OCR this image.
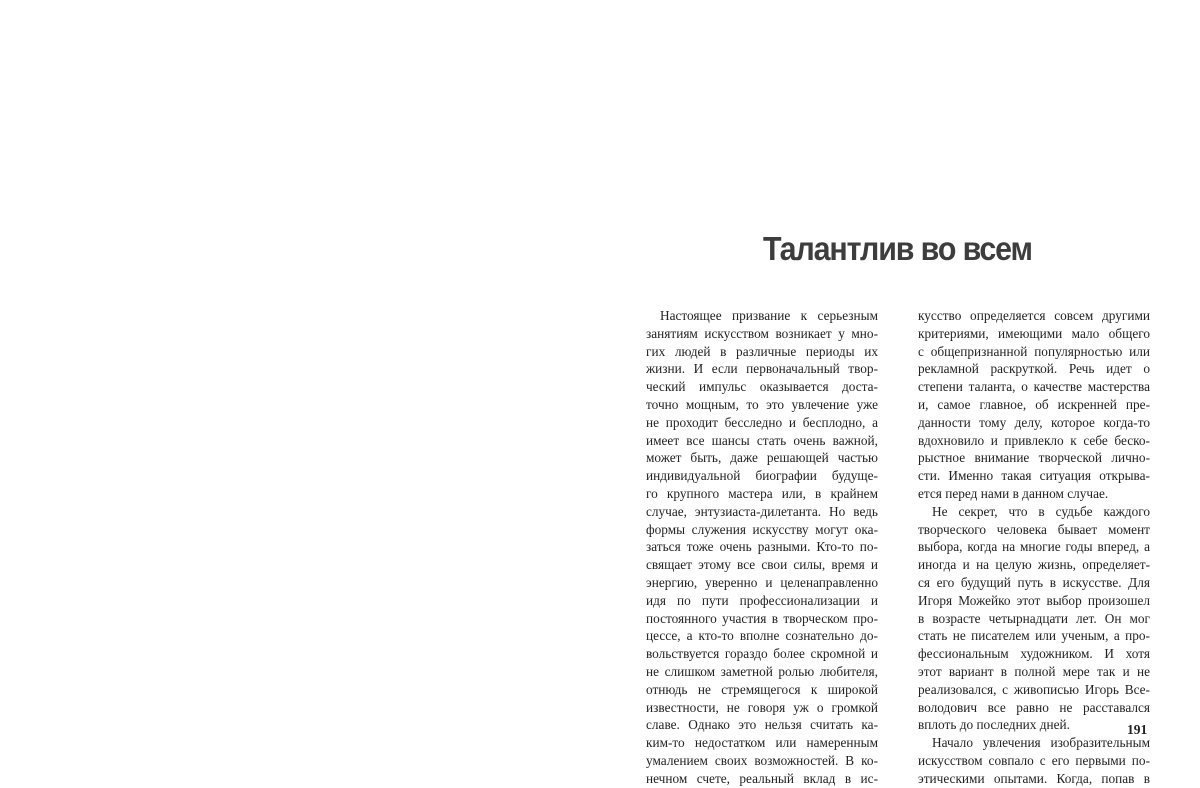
Талантлив во всем
Настоящее призвание к серьезным
занятиям искусством возникает у мно-
гих людей в различные периоды их
жизни. И если первоначальный твор-
ческий импульс оказывается доста-
точно мощным, то это увлечение уже
не проходит бесследно и бесплодно, а
имеет все шансы стать очень важной,
может быть, даже решающей частью
индивидуальной биографии будуще-
го крупного мастера или, в крайнем
случае, энтузиаста-дилетанта. Но ведь
формы служения искусству могут ока-
заться тоже очень разными. Кто-то по-
свящает этому все свои силы, время и
энергию, уверенно и целенаправленно
идя по пути профессионализации и
постоянного участия в творческом про-
цессе, а кто-то вполне сознательно до-
вольствуется гораздо более скромной и
не слишком заметной ролью любителя,
отнюдь не стремящегося к широкой
известности, не говоря уж о громкой
славе. Однако это нельзя считать ка-
ким-то недостатком или намеренным
умалением своих возможностей. В ко-
нечном счете, реальный вклад в ис-
кусство определяется совсем другими
критериями, имеющими мало общего
с общепризнанной популярностью или
рекламной раскруткой. Речь идет о
степени таланта, о качестве мастерства
и, самое главное, об искренней пре-
данности тому делу, которое когда-то
вдохновило и привлекло к себе беско-
рыстное внимание творческой лично-
сти. Именно такая ситуация открыва-
ется перед нами в данном случае.
Не секрет, что в судьбе каждого
творческого человека бывает момент
выбора, когда на многие годы вперед, а
иногда и на целую жизнь, определяет-
ся его будущий путь в искусстве. Для
Игоря Можейко этот выбор произошел
в возрасте четырнадцати лет. Он мог
стать не писателем или ученым, а про-
фессиональным художником. И хотя
этот вариант в полной мере так и не
реализовался, с живописью Игорь Все-
володович все равно не расставался
вплоть до последних дней.
Начало увлечения изобразительным
искусством совпало с его первыми по-
этическими опытами. Когда, попав в
191
